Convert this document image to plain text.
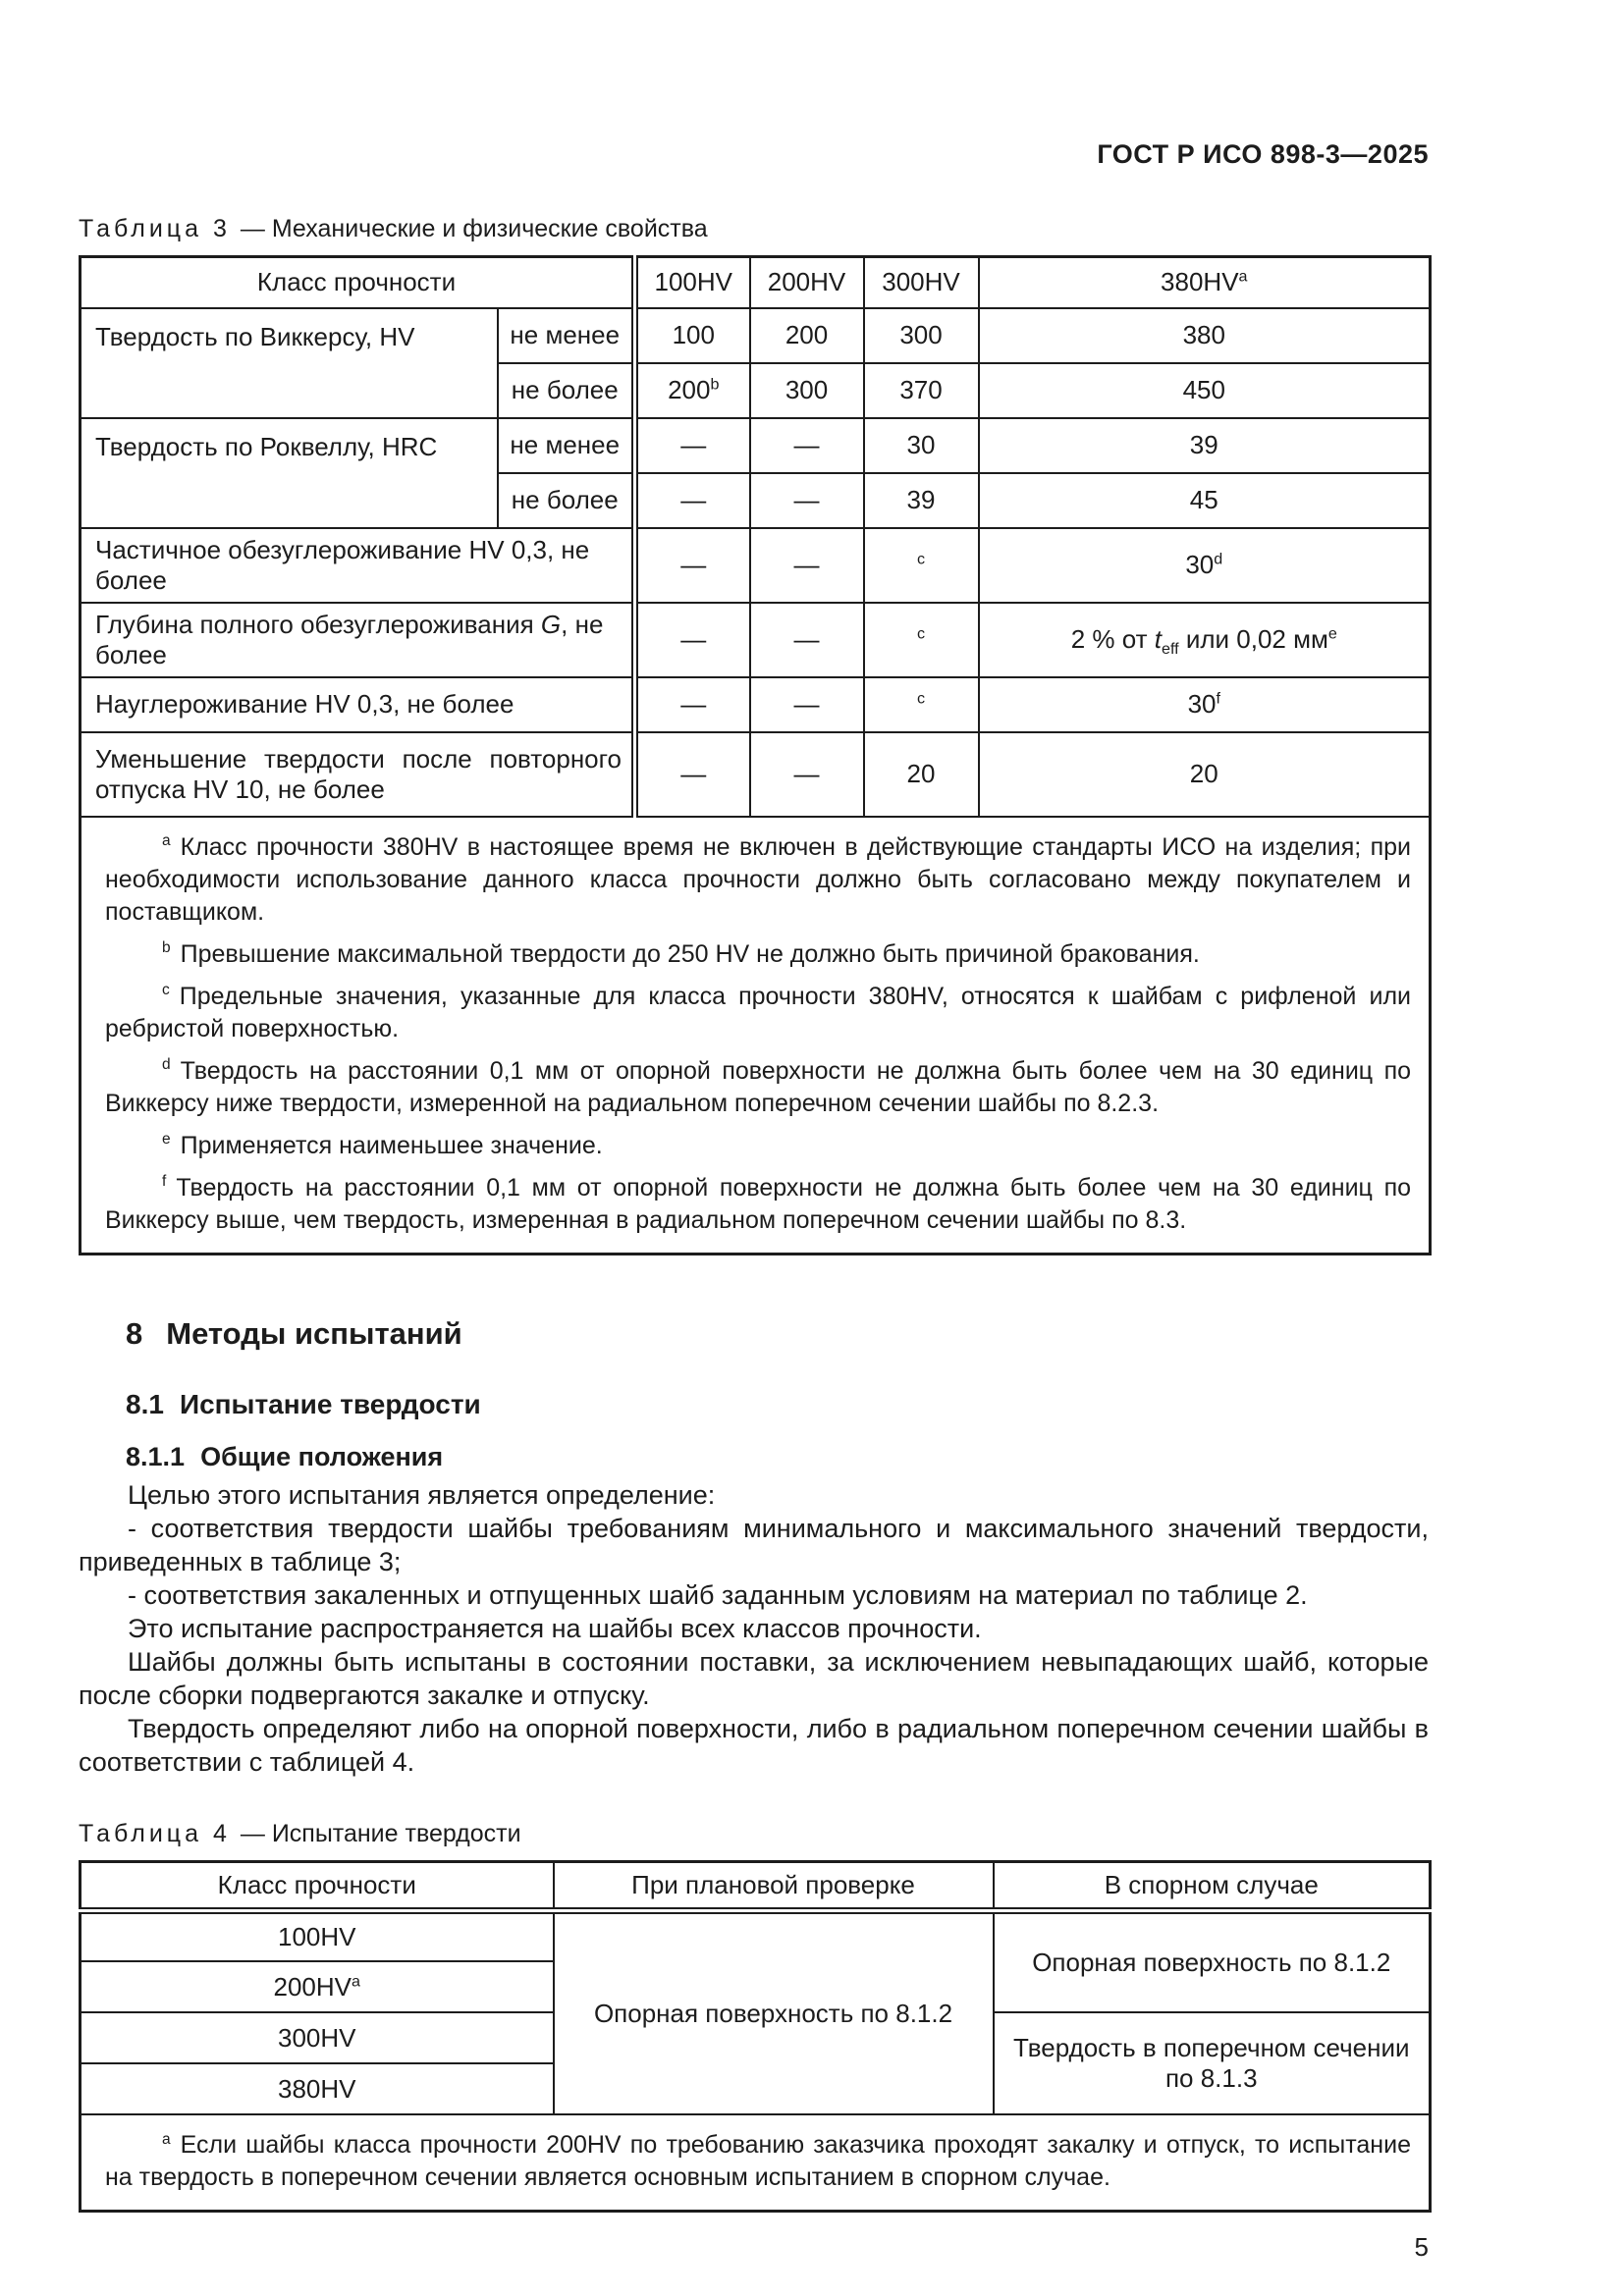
ГОСТ Р ИСО 898-3—2025
Таблица 3 — Механические и физические свойства
Класс прочности		100HV	200HV	300HV	$380HV^a$
Твердость по Виккерсу, HV	не менее	100	200	300	380
	не более	200$^b$	300	370	450
Твердость по Роквеллу, HRC	не менее	—	—	30	39
	не более	—	—	39	45
Частичное обезуглероживание HV 0,3, не более		—	—	$^c$	30$^d$
Глубина полного обезуглероживания G, не более		—	—	$^c$	2 % от $t_{eff}$ или 0,02 $мм^e$
Науглероживание HV 0,3, не более		—	—	$^c$	30$^f$
Уменьшение твердости после повторного отпуска HV 10, не более		—	—	20	20

$^a$ Класс прочности 380HV в настоящее время не включен в действующие стандарты ИСО на изделия; при необходимости использование данного класса прочности должно быть согласовано между покупателем и поставщиком.
$^b$ Превышение максимальной твердости до 250 HV не должно быть причиной бракования.
$^c$ Предельные значения, указанные для класса прочности 380HV, относятся к шайбам с рифленой или ребристой поверхностью.
$^d$ Твердость на расстоянии 0,1 мм от опорной поверхности не должна быть более чем на 30 единиц по Виккерсу ниже твердости, измеренной на радиальном поперечном сечении шайбы по 8.2.3.
$^e$ Применяется наименьшее значение.
$^f$ Твердость на расстоянии 0,1 мм от опорной поверхности не должна быть более чем на 30 единиц по Виккерсу выше, чем твердость, измеренная в радиальном поперечном сечении шайбы по 8.3.
8 Методы испытаний
8.1 Испытание твердости
8.1.1 Общие положения

Целью этого испытания является определение:

- соответствия твердости шайбы требованиям минимального и максимального значений твердости, приведенных в таблице 3;

- соответствия закаленных и отпущенных шайб заданным условиям на материал по таблице 2.

Это испытание распространяется на шайбы всех классов прочности.

Шайбы должны быть испытаны в состоянии поставки, за исключением невыпадающих шайб, которые после сборки подвергаются закалке и отпуску.

Твердость определяют либо на опорной поверхности, либо в радиальном поперечном сечении шайбы в соответствии с таблицей 4.

Таблица 4 — Испытание твердости
Класс прочности	При плановой проверке	В спорном случае
100HV	Опорная поверхность по 8.1.2	Опорная поверхность по 8.1.2
$200HV^a$
300HV		Твердость в поперечном сечении по 8.1.3
380HV		

$^a$ Если шайбы класса прочности 200HV по требованию заказчика проходят закалку и отпуск, то испытание на твердость в поперечном сечении является основным испытанием в спорном случае.		
5
